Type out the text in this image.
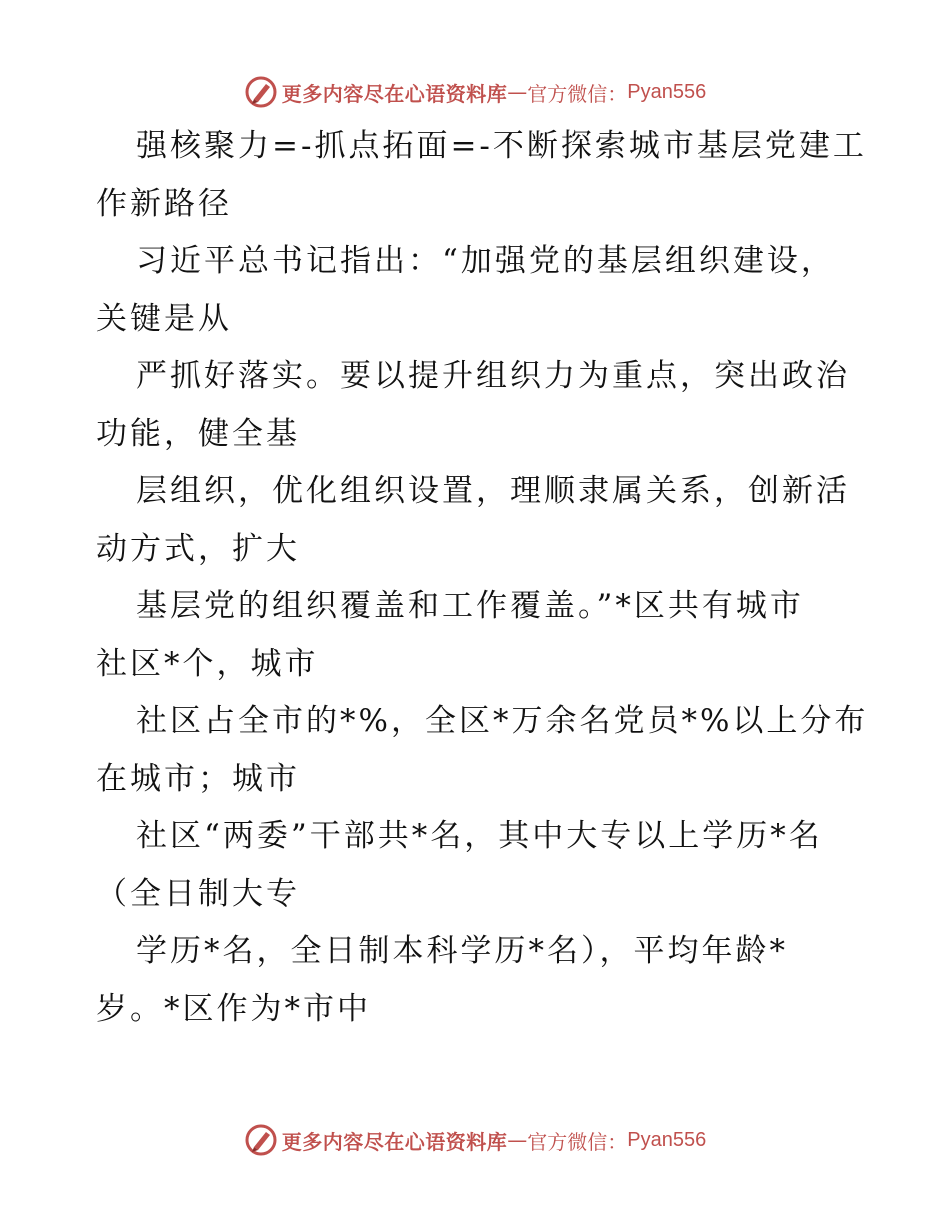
更多内容尽在心语资料库 — 官方微信： Pyan556
强核聚力=-抓点拓面=-不断探索城市基层党建工
作新路径
习近平总书记指出：“加强党的基层组织建设，
关键是从
严抓好落实。要以提升组织力为重点，突出政治
功能，健全基
层组织，优化组织设置，理顺隶属关系，创新活
动方式，扩大
基层党的组织覆盖和工作覆盖。”*区共有城市
社区*个，城市
社区占全市的*%，全区*万余名党员*%以上分布
在城市；城市
社区“两委”干部共*名，其中大专以上学历*名
（全日制大专
学历*名，全日制本科学历*名），平均年龄*
岁。*区作为*市中
更多内容尽在心语资料库 — 官方微信： Pyan556
